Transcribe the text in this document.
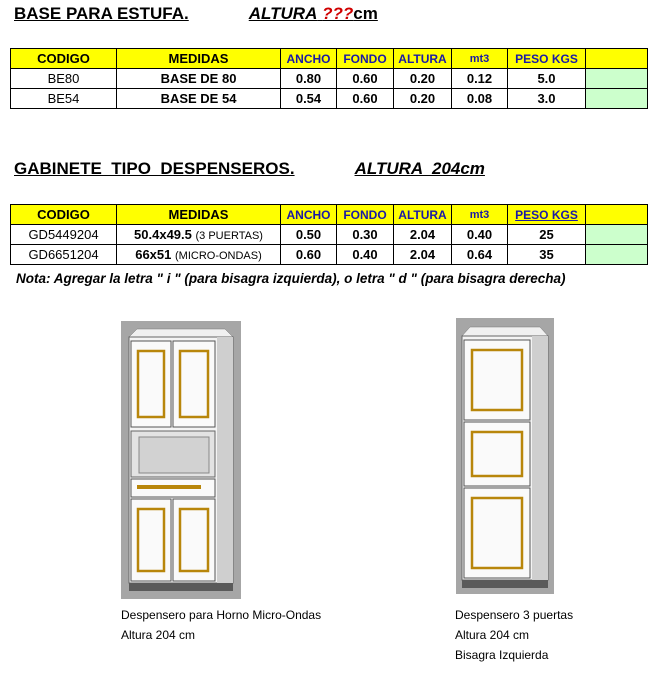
BASE PARA ESTUFA.	ALTURA ???cm
CODIGO	MEDIDAS	ANCHO	FONDO	ALTURA	mt3	PESO KGS	
BE80	BASE DE 80	0.80	0.60	0.20	0.12	5.0	
BE54	BASE DE 54	0.54	0.60	0.20	0.08	3.0	
GABINETE  TIPO  DESPENSEROS.	ALTURA  204cm
CODIGO	MEDIDAS	ANCHO	FONDO	ALTURA	mt3	PESO KGS	
GD5449204	50.4x49.5 (3 PUERTAS)	0.50	0.30	2.04	0.40	25	
GD6651204	66x51 (MICRO-ONDAS)	0.60	0.40	2.04	0.64	35	
Nota: Agregar la letra " i " (para bisagra izquierda), o letra " d " (para bisagra derecha)
Despensero para Horno Micro-Ondas
Altura 204 cm
Despensero 3 puertas
Altura 204 cm
Bisagra Izquierda
